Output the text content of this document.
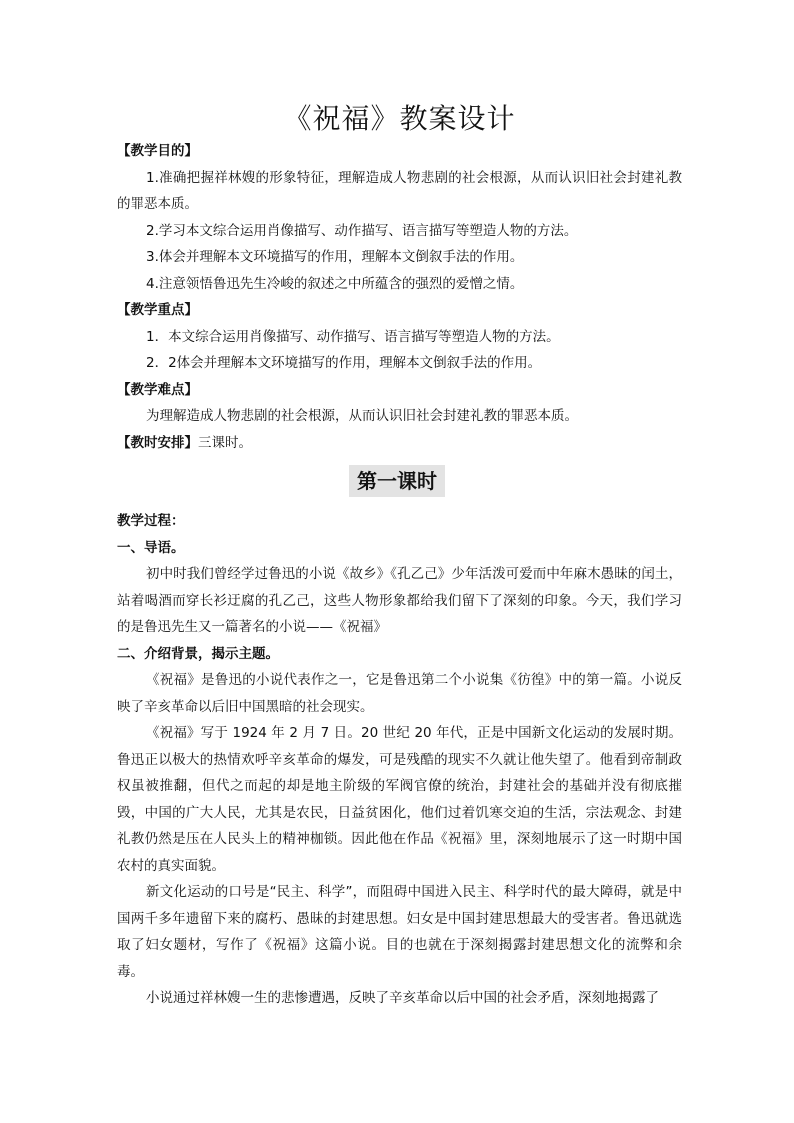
《祝福》教案设计
【教学目的】
1.准确把握祥林嫂的形象特征，理解造成人物悲剧的社会根源，从而认识旧社会封建礼教的罪恶本质。
2.学习本文综合运用肖像描写、动作描写、语言描写等塑造人物的方法。
3.体会并理解本文环境描写的作用，理解本文倒叙手法的作用。
4.注意领悟鲁迅先生冷峻的叙述之中所蕴含的强烈的爱憎之情。
【教学重点】
1．本文综合运用肖像描写、动作描写、语言描写等塑造人物的方法。
2．2体会并理解本文环境描写的作用，理解本文倒叙手法的作用。
【教学难点】
为理解造成人物悲剧的社会根源，从而认识旧社会封建礼教的罪恶本质。
【教时安排】三课时。
第一课时
教学过程：
一、导语。
初中时我们曾经学过鲁迅的小说《故乡》《孔乙己》少年活泼可爱而中年麻木愚昧的闰土，站着喝酒而穿长衫迂腐的孔乙己，这些人物形象都给我们留下了深刻的印象。今天，我们学习的是鲁迅先生又一篇著名的小说——《祝福》
二、介绍背景，揭示主题。
《祝福》是鲁迅的小说代表作之一，它是鲁迅第二个小说集《彷徨》中的第一篇。小说反映了辛亥革命以后旧中国黑暗的社会现实。
《祝福》写于 1924 年 2 月 7 日。20 世纪 20 年代，正是中国新文化运动的发展时期。鲁迅正以极大的热情欢呼辛亥革命的爆发，可是残酷的现实不久就让他失望了。他看到帝制政权虽被推翻，但代之而起的却是地主阶级的军阀官僚的统治，封建社会的基础并没有彻底摧毁，中国的广大人民，尤其是农民，日益贫困化，他们过着饥寒交迫的生活，宗法观念、封建礼教仍然是压在人民头上的精神枷锁。因此他在作品《祝福》里，深刻地展示了这一时期中国农村的真实面貌。
新文化运动的口号是“民主、科学”，而阻碍中国进入民主、科学时代的最大障碍，就是中国两千多年遗留下来的腐朽、愚昧的封建思想。妇女是中国封建思想最大的受害者。鲁迅就选取了妇女题材，写作了《祝福》这篇小说。目的也就在于深刻揭露封建思想文化的流弊和余毒。
小说通过祥林嫂一生的悲惨遭遇，反映了辛亥革命以后中国的社会矛盾，深刻地揭露了
